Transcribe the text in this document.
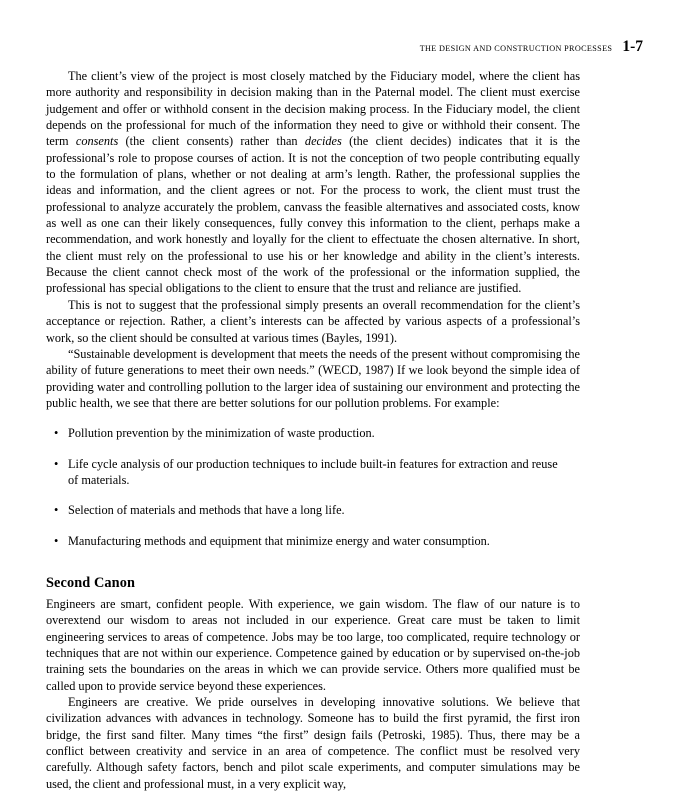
THE DESIGN AND CONSTRUCTION PROCESSES 1-7

The client’s view of the project is most closely matched by the Fiduciary model, where the client has more authority and responsibility in decision making than in the Paternal model. The client must exercise judgement and offer or withhold consent in the decision making process. In the Fiduciary model, the client depends on the professional for much of the information they need to give or withhold their consent. The term consents (the client consents) rather than decides (the client decides) indicates that it is the professional’s role to propose courses of action. It is not the conception of two people contributing equally to the formulation of plans, whether or not dealing at arm’s length. Rather, the professional supplies the ideas and information, and the client agrees or not. For the process to work, the client must trust the professional to analyze accurately the problem, canvass the feasible alternatives and associated costs, know as well as one can their likely consequences, fully convey this information to the client, perhaps make a recommendation, and work honestly and loyally for the client to effectuate the chosen alternative. In short, the client must rely on the professional to use his or her knowledge and ability in the client’s interests. Because the client cannot check most of the work of the professional or the information supplied, the professional has special obligations to the client to ensure that the trust and reliance are justified.

This is not to suggest that the professional simply presents an overall recommendation for the client’s acceptance or rejection. Rather, a client’s interests can be affected by various aspects of a professional’s work, so the client should be consulted at various times (Bayles, 1991).

“Sustainable development is development that meets the needs of the present without compromising the ability of future generations to meet their own needs.” (WECD, 1987) If we look beyond the simple idea of providing water and controlling pollution to the larger idea of sustaining our environment and protecting the public health, we see that there are better solutions for our pollution problems. For example:

• Pollution prevention by the minimization of waste production.
• Life cycle analysis of our production techniques to include built-in features for extraction and reuse of materials.
• Selection of materials and methods that have a long life.
• Manufacturing methods and equipment that minimize energy and water consumption.
Second Canon

Engineers are smart, confident people. With experience, we gain wisdom. The flaw of our nature is to overextend our wisdom to areas not included in our experience. Great care must be taken to limit engineering services to areas of competence. Jobs may be too large, too complicated, require technology or techniques that are not within our experience. Competence gained by education or by supervised on-the-job training sets the boundaries on the areas in which we can provide service. Others more qualified must be called upon to provide service beyond these experiences.

Engineers are creative. We pride ourselves in developing innovative solutions. We believe that civilization advances with advances in technology. Someone has to build the first pyramid, the first iron bridge, the first sand filter. Many times “the first” design fails (Petroski, 1985). Thus, there may be a conflict between creativity and service in an area of competence. The conflict must be resolved very carefully. Although safety factors, bench and pilot scale experiments, and computer simulations may be used, the client and professional must, in a very explicit way,
